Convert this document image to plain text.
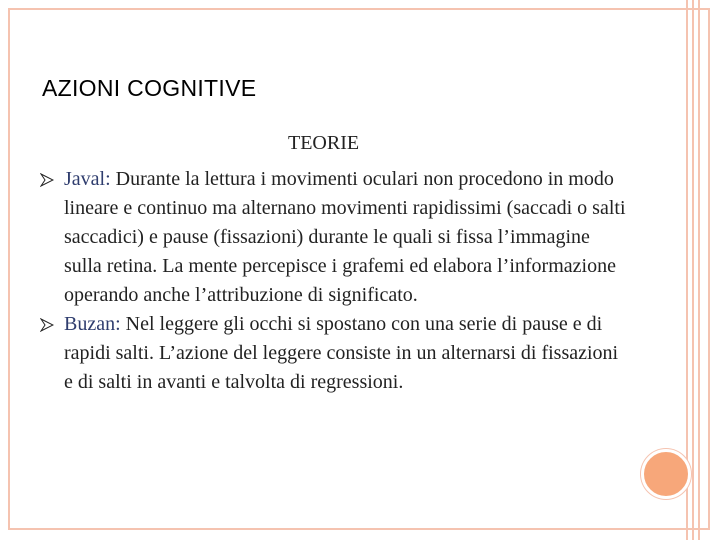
AZIONI COGNITIVE
TEORIE
Javal: Durante la lettura i movimenti oculari non procedono in modo lineare e continuo ma alternano movimenti rapidissimi (saccadi o salti saccadici) e pause (fissazioni) durante le quali si fissa l’immagine sulla retina. La mente percepisce i grafemi ed elabora l’informazione operando anche l’attribuzione di significato.
Buzan: Nel leggere gli occhi si spostano con una serie di pause e di rapidi salti. L’azione del leggere consiste in un alternarsi di fissazioni e di salti in avanti e talvolta di regressioni.
